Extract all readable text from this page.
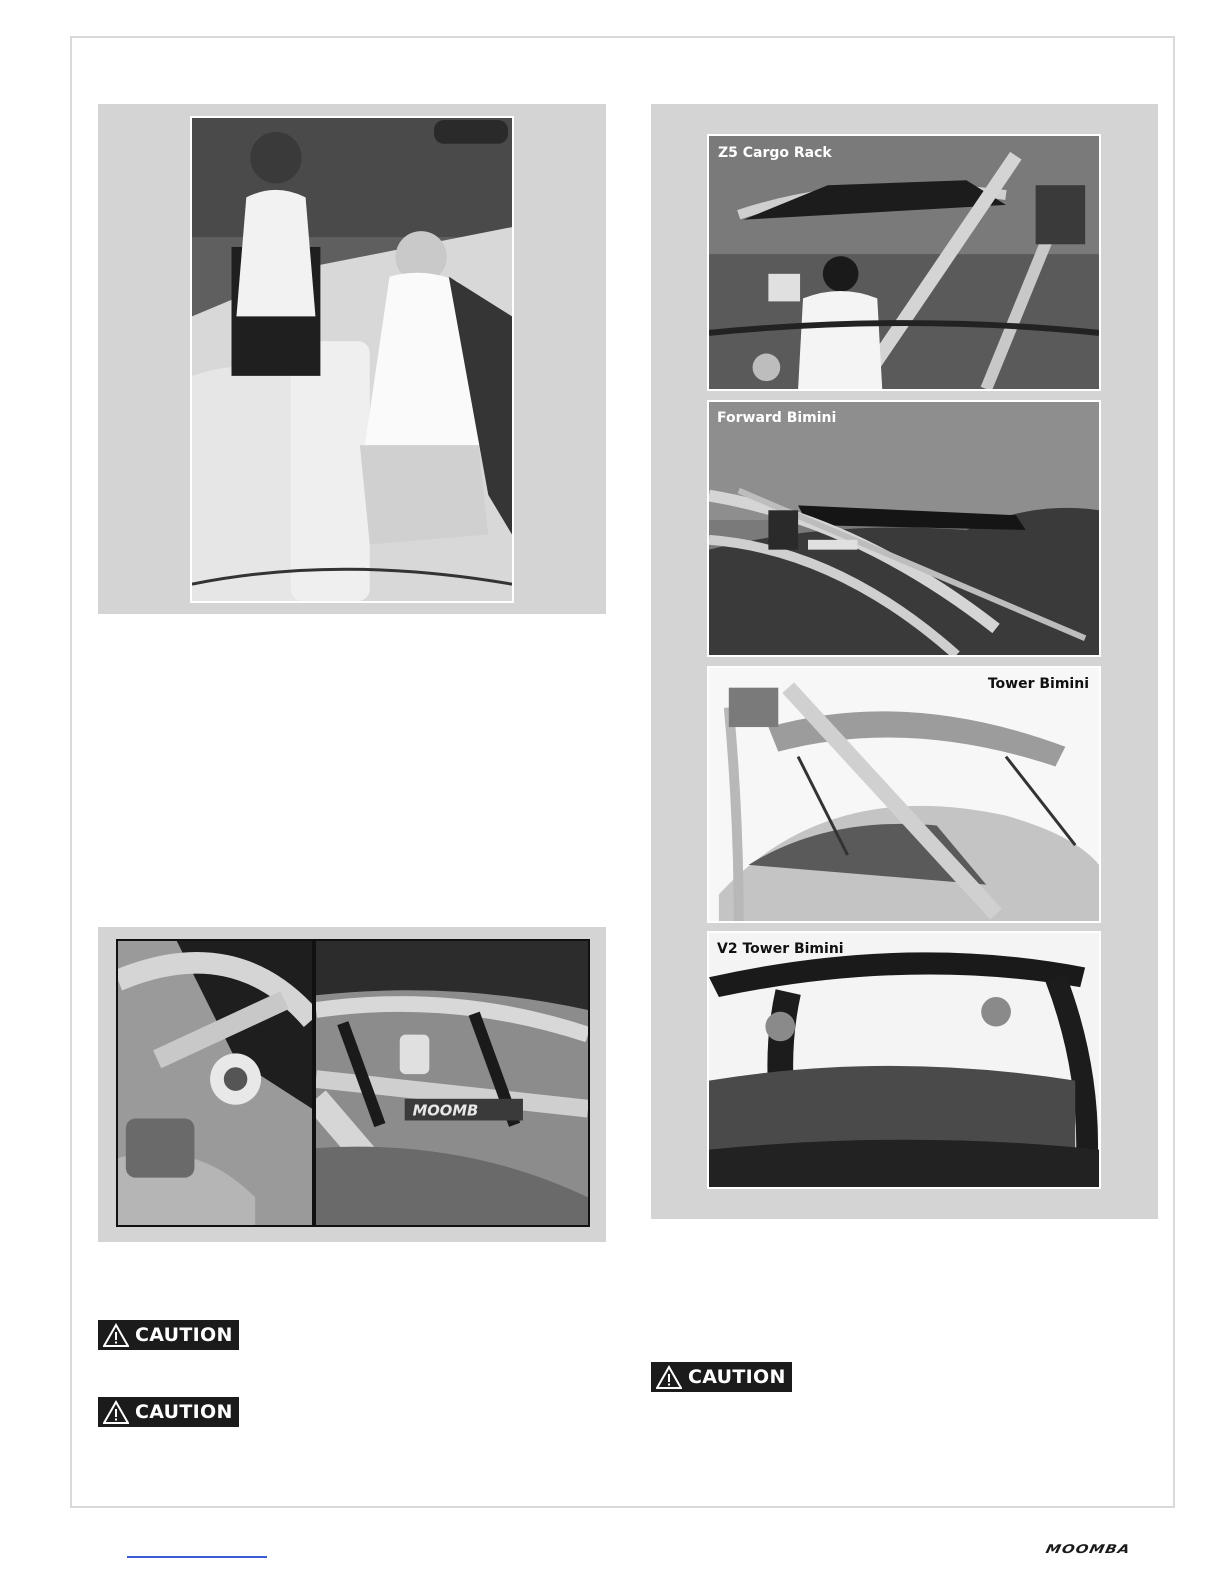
MOOMB
Z5 Cargo Rack
Forward Bimini
Tower Bimini
V2 Tower Bimini
CAUTION
CAUTION
CAUTION
MOOMBA
